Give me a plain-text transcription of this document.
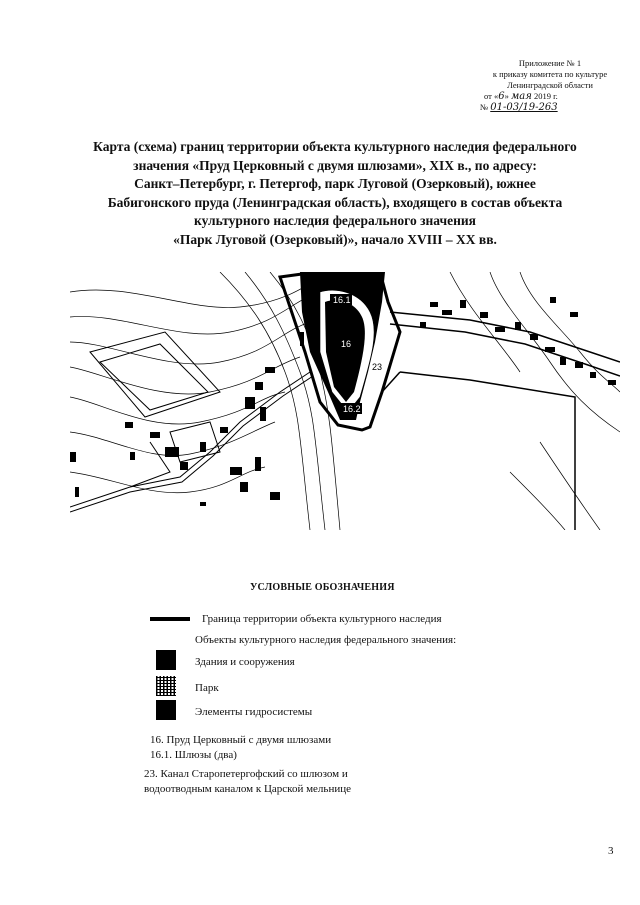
Приложение № 1
к приказу комитета по культуре
Ленинградской области
от «6» мая 2019 г.
№ 01-03/19-263
Карта (схема) границ территории объекта культурного наследия федерального
значения «Пруд Церковный с двумя шлюзами», XIX в., по адресу:
Санкт–Петербург, г. Петергоф, парк Луговой (Озерковый), южнее
Бабигонского пруда (Ленинградская область), входящего в состав объекта
культурного наследия федерального значения
«Парк Луговой (Озерковый)», начало XVIII – XX вв.
16.1
16
23
16.2
УСЛОВНЫЕ ОБОЗНАЧЕНИЯ
Граница территории объекта культурного наследия
Объекты культурного наследия федерального значения:
Здания и сооружения
Парк
Элементы гидросистемы
16. Пруд Церковный с двумя шлюзами
16.1. Шлюзы (два)
23. Канал Старопетергофский со шлюзом и
водоотводным каналом к Царской мельнице
3
